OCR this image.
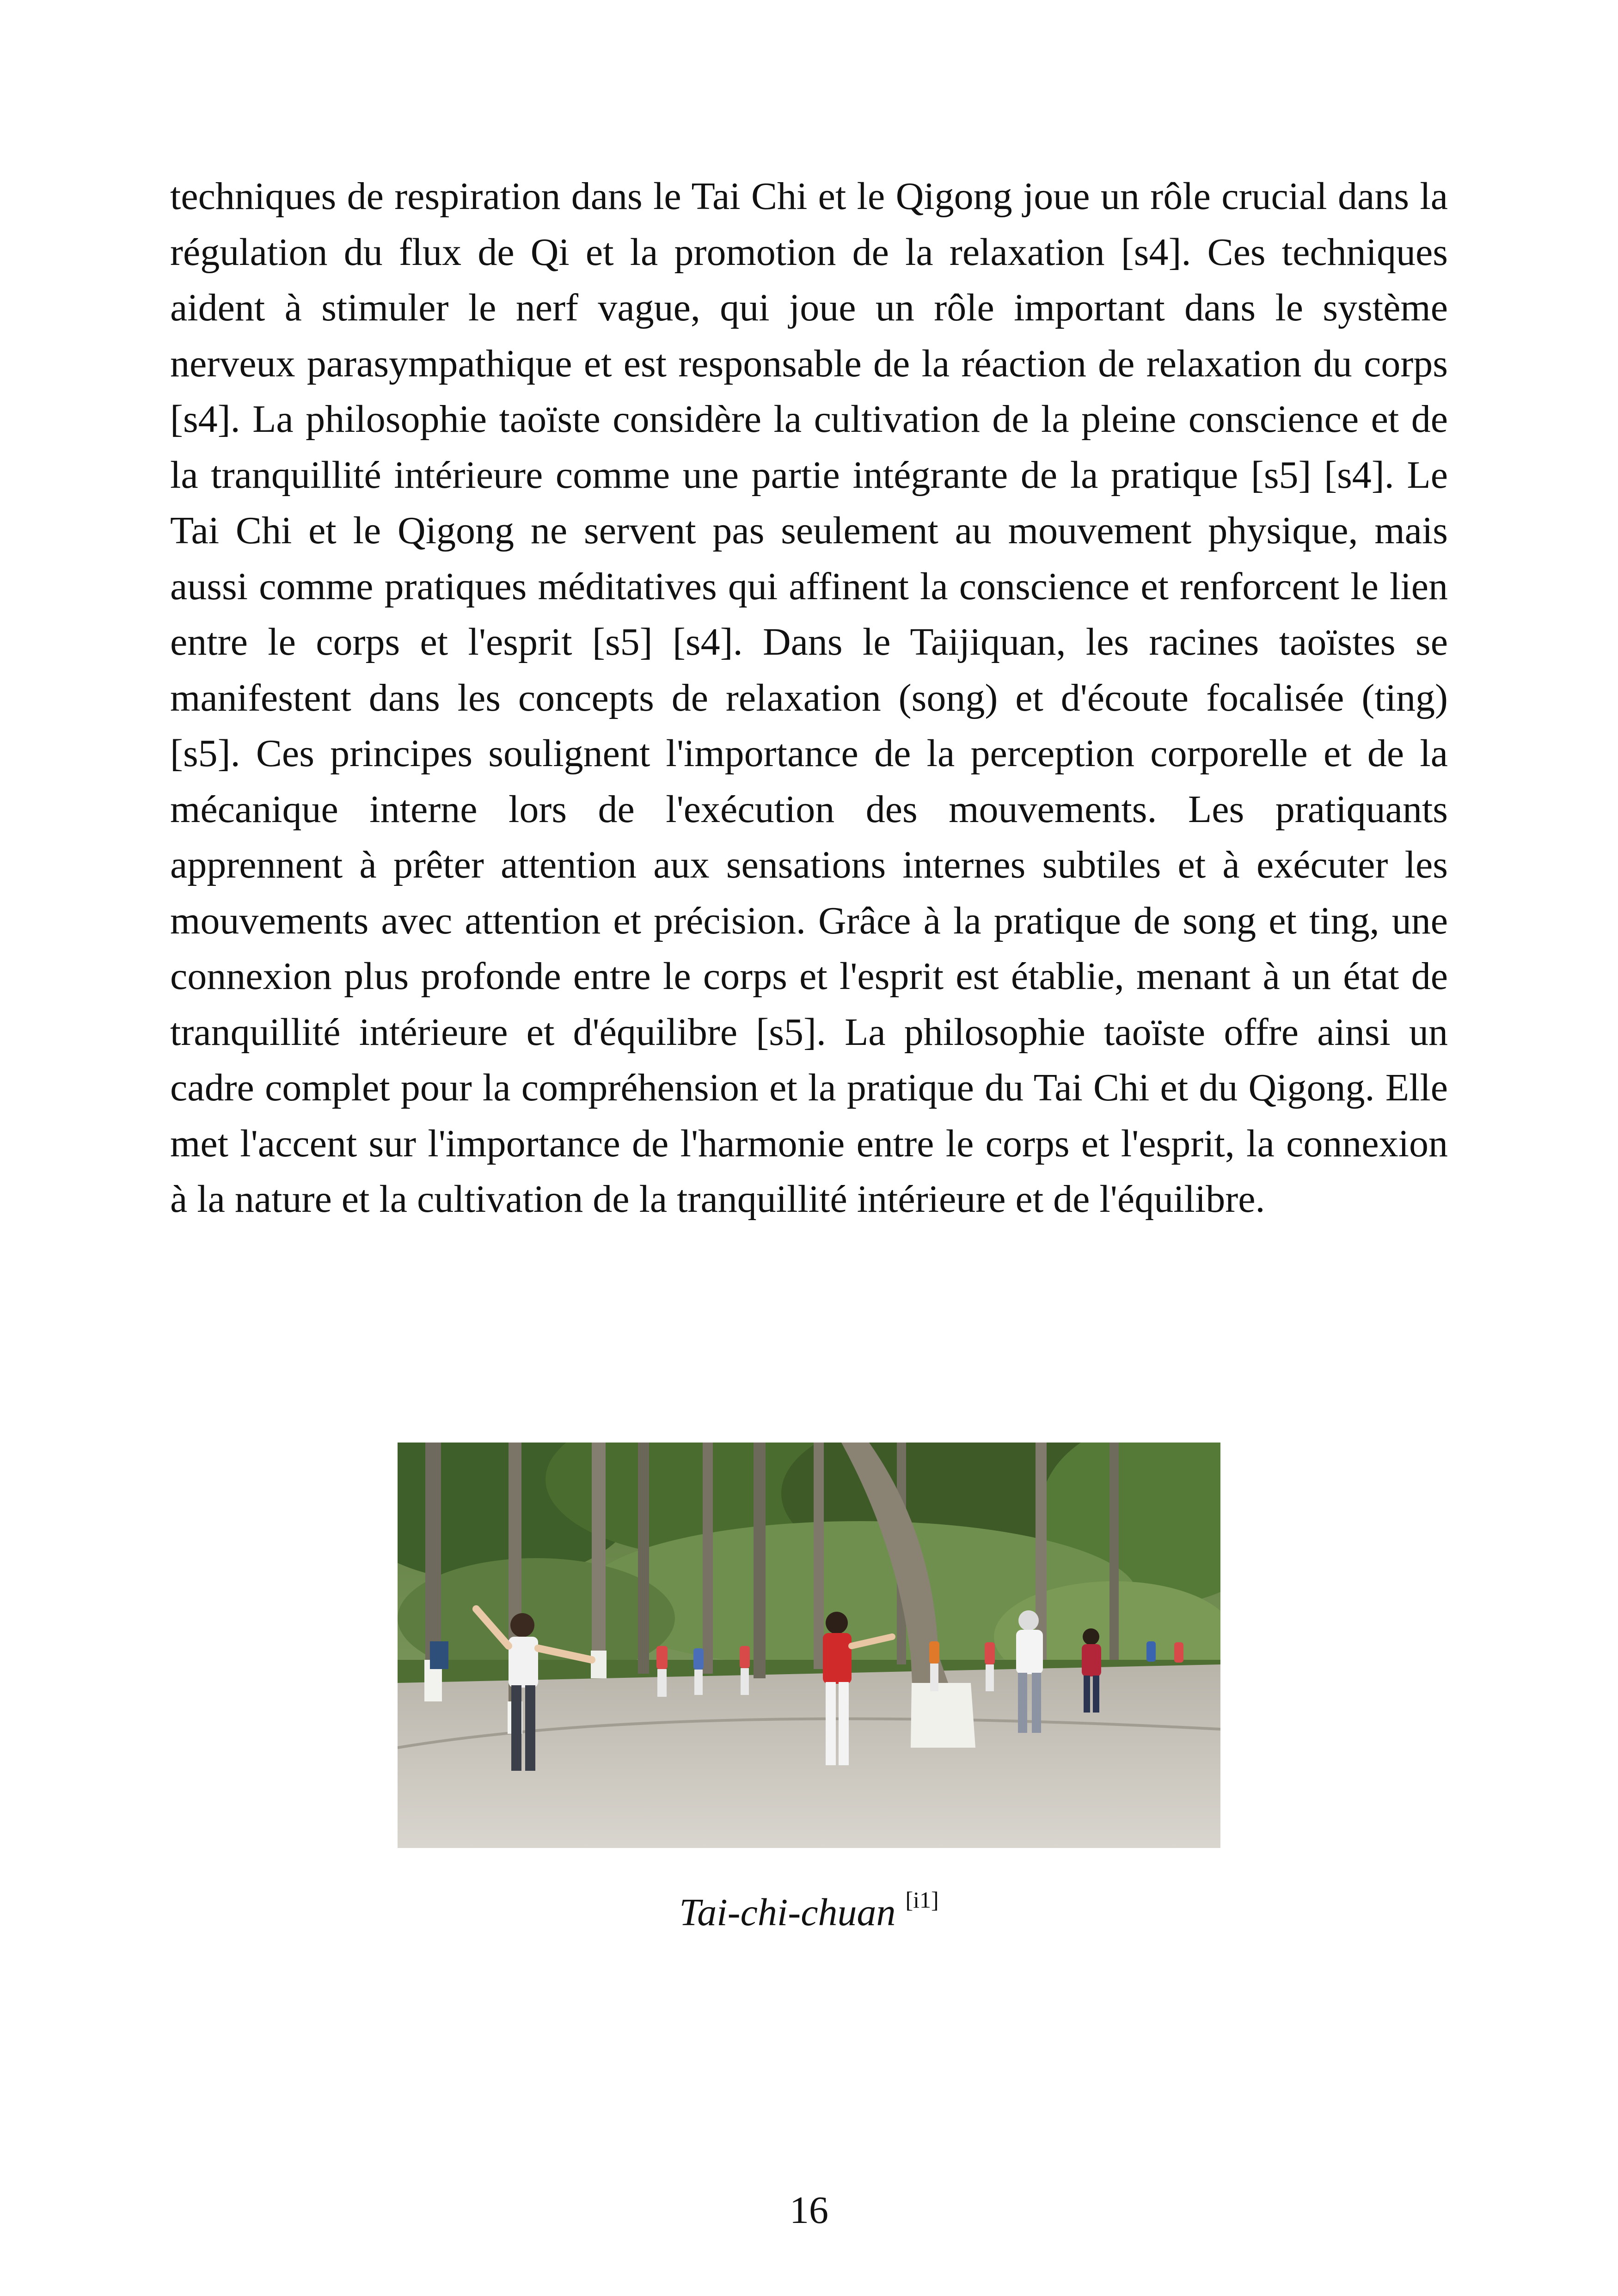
techniques de respiration dans le Tai Chi et le Qigong joue un rôle crucial dans la régulation du flux de Qi et la promotion de la relaxation [s4]. Ces techniques aident à stimuler le nerf vague, qui joue un rôle important dans le système nerveux parasympathique et est responsable de la réaction de relaxation du corps [s4]. La philosophie taoïste considère la cultivation de la pleine conscience et de la tranquillité intérieure comme une partie intégrante de la pratique [s5] [s4]. Le Tai Chi et le Qigong ne servent pas seulement au mouvement physique, mais aussi comme pratiques méditatives qui affinent la conscience et renforcent le lien entre le corps et l'esprit [s5] [s4]. Dans le Taijiquan, les racines taoïstes se manifestent dans les concepts de relaxation (song) et d'écoute focalisée (ting) [s5]. Ces principes soulignent l'importance de la perception corporelle et de la mécanique interne lors de l'exécution des mouvements. Les pratiquants apprennent à prêter attention aux sensations internes subtiles et à exécuter les mouvements avec attention et précision. Grâce à la pratique de song et ting, une connexion plus profonde entre le corps et l'esprit est établie, menant à un état de tranquillité intérieure et d'équilibre [s5]. La philosophie taoïste offre ainsi un cadre complet pour la compréhension et la pratique du Tai Chi et du Qigong. Elle met l'accent sur l'importance de l'harmonie entre le corps et l'esprit, la connexion à la nature et la cultivation de la tranquillité intérieure et de l'équilibre.

Tai-chi-chuan [i1]

16
